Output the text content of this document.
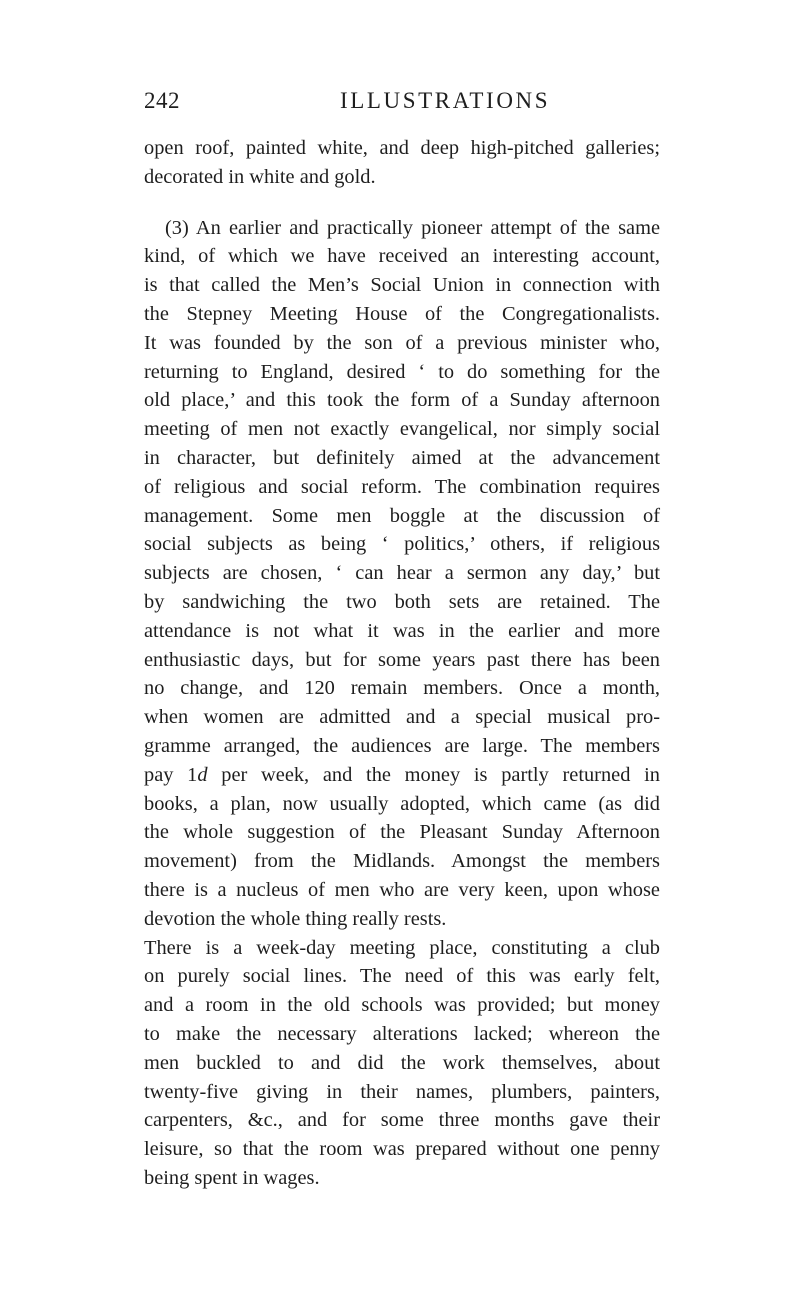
242	ILLUSTRATIONS
open roof, painted white, and deep high-pitched galleries;
decorated in white and gold.
(3) An earlier and practically pioneer attempt of the same
kind, of which we have received an interesting account,
is that called the Men’s Social Union in connection with
the Stepney Meeting House of the Congregationalists.
It was founded by the son of a previous minister who,
returning to England, desired ‘ to do something for the
old place,’ and this took the form of a Sunday afternoon
meeting of men not exactly evangelical, nor simply social
in character, but definitely aimed at the advancement
of religious and social reform. The combination requires
management. Some men boggle at the discussion of
social subjects as being ‘ politics,’ others, if religious
subjects are chosen, ‘ can hear a sermon any day,’ but
by sandwiching the two both sets are retained. The
attendance is not what it was in the earlier and more
enthusiastic days, but for some years past there has been
no change, and 120 remain members. Once a month,
when women are admitted and a special musical pro-
gramme arranged, the audiences are large. The members
pay 1d per week, and the money is partly returned in
books, a plan, now usually adopted, which came (as did
the whole suggestion of the Pleasant Sunday Afternoon
movement) from the Midlands. Amongst the members
there is a nucleus of men who are very keen, upon whose
devotion the whole thing really rests.
There is a week-day meeting place, constituting a club
on purely social lines. The need of this was early felt,
and a room in the old schools was provided; but money
to make the necessary alterations lacked; whereon the
men buckled to and did the work themselves, about
twenty-five giving in their names, plumbers, painters,
carpenters, &c., and for some three months gave their
leisure, so that the room was prepared without one penny
being spent in wages.
